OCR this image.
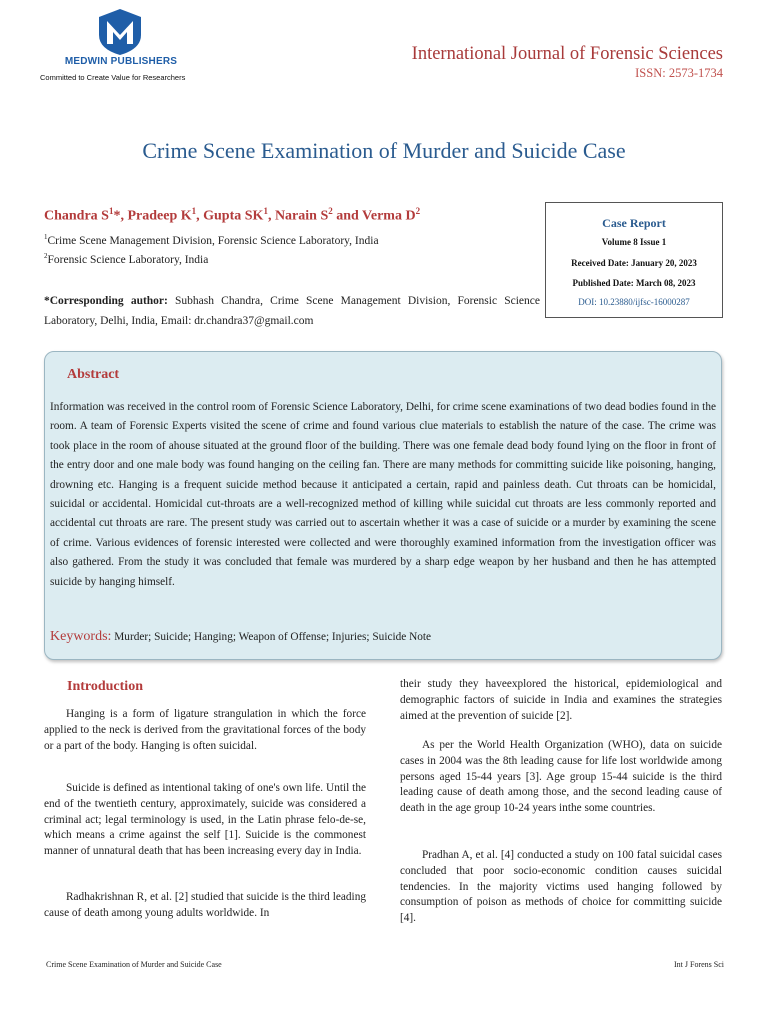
MEDWIN PUBLISHERS
Committed to Create Value for Researchers
International Journal of Forensic Sciences
ISSN: 2573-1734
Crime Scene Examination of Murder and Suicide Case
Chandra $S^1*$, Pradeep $K^1$, Gupta $SK^1$, Narain $S^2$ and Verma $D^2$
$^1$Crime Scene Management Division, Forensic Science Laboratory, India
$^2$Forensic Science Laboratory, India
*Corresponding author: Subhash Chandra, Crime Scene Management Division, Forensic Science Laboratory, Delhi, India, Email: dr.chandra37@gmail.com
Case Report
Volume 8 Issue 1
Received Date: January 20, 2023
Published Date: March 08, 2023
DOI: 10.23880/ijfsc-16000287
Abstract
Information was received in the control room of Forensic Science Laboratory, Delhi, for crime scene examinations of two dead bodies found in the room. A team of Forensic Experts visited the scene of crime and found various clue materials to establish the nature of the case. The crime was took place in the room of ahouse situated at the ground floor of the building. There was one female dead body found lying on the floor in front of the entry door and one male body was found hanging on the ceiling fan. There are many methods for committing suicide like poisoning, hanging, drowning etc. Hanging is a frequent suicide method because it anticipated a certain, rapid and painless death. Cut throats can be homicidal, suicidal or accidental. Homicidal cut-throats are a well-recognized method of killing while suicidal cut throats are less commonly reported and accidental cut throats are rare. The present study was carried out to ascertain whether it was a case of suicide or a murder by examining the scene of crime. Various evidences of forensic interested were collected and were thoroughly examined information from the investigation officer was also gathered. From the study it was concluded that female was murdered by a sharp edge weapon by her husband and then he has attempted suicide by hanging himself.
Keywords: Murder; Suicide; Hanging; Weapon of Offense; Injuries; Suicide Note
Introduction

Hanging is a form of ligature strangulation in which the force applied to the neck is derived from the gravitational forces of the body or a part of the body. Hanging is often suicidal.

Suicide is defined as intentional taking of one's own life. Until the end of the twentieth century, approximately, suicide was considered a criminal act; legal terminology is used, in the Latin phrase felo-de-se, which means a crime against the self [1]. Suicide is the commonest manner of unnatural death that has been increasing every day in India.

Radhakrishnan R, et al. [2] studied that suicide is the third leading cause of death among young adults worldwide. In

their study they haveexplored the historical, epidemiological and demographic factors of suicide in India and examines the strategies aimed at the prevention of suicide [2].

As per the World Health Organization (WHO), data on suicide cases in 2004 was the 8th leading cause for life lost worldwide among persons aged 15-44 years [3]. Age group 15-44 suicide is the third leading cause of death among those, and the second leading cause of death in the age group 10-24 years inthe some countries.

Pradhan A, et al. [4] conducted a study on 100 fatal suicidal cases concluded that poor socio-economic condition causes suicidal tendencies. In the majority victims used hanging followed by consumption of poison as methods of choice for committing suicide [4].

Crime Scene Examination of Murder and Suicide Case	Int J Forens Sci
